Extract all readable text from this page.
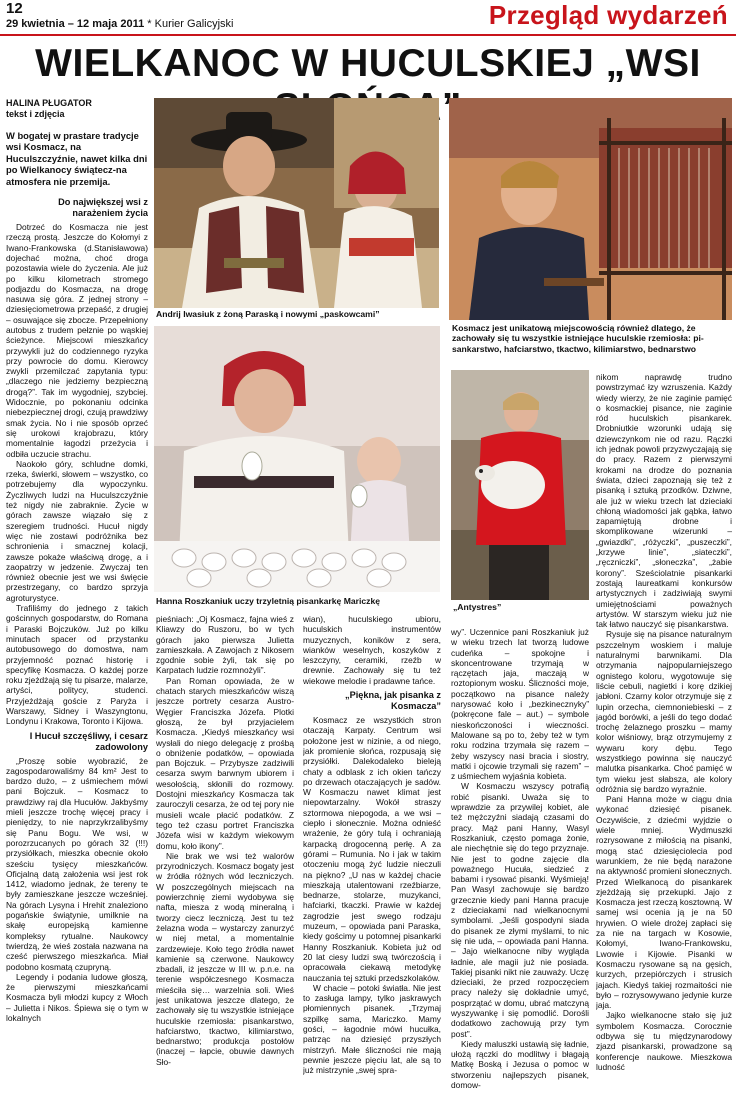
12
29 kwietnia – 12 maja 2011 * Kurier Galicyjski	Przegląd wydarzeń
WIELKANOC W HUCULSKIEJ „WSI
HALINA PŁUGATOR
tekst i zdjęcia
W bogatej w prastare tradycje wsi Kosmacz, na Huculszczyźnie, nawet kilka dni po Wielkanocy świątecz-na atmosfera nie przemija.
Do największej wsi z narażeniem życia

Dotrzeć do Kosmacza nie jest rzeczą prostą. Jeszcze do Kołomyi z Iwano-Frankowska (d.Stanisławowa) dojechać można, choć droga pozostawia wiele do życzenia. Ale już po kilku kilometrach stromego podjazdu do Kosmacza, na drogę nasuwa się góra. Z jednej strony – dziesięciometrowa przepaść, z drugiej – osuwające się zbocze. Przepełniony autobus z trudem pełznie po wąskiej ścieżynce. Miejscowi mieszkańcy przywykli już do codziennego ryzyka przy powrocie do domu. Kierowcy zwykli przemilczać zapytania typu: „dlaczego nie jedziemy bezpieczną drogą?”. Tak im wygodniej, szybciej. Widocznie, po pokonaniu odcinka niebezpiecznej drogi, czują prawdziwy smak życia. No i nie sposób oprzeć się urokowi krajobrazu, który momentalnie łagodzi przeżycia i odbiła uczucie strachu.

Naokoło góry, schludne domki, rzeka, świerki, słowem – wszystko, co potrzebujemy dla wypoczynku. Życzliwych ludzi na Huculszczyźnie też nigdy nie zabraknie. Życie w górach zawsze wiązało się z szeregiem trudności. Hucuł nigdy więc nie zostawi podróżnika bez schronienia i smacznej kolacji, zawsze pokaże właściwą drogę, a i zaopatrzy w jedzenie. Zwyczaj ten również obecnie jest we wsi święcie przestrzegany, co bardzo sprzyja agroturystyce.

Trafiliśmy do jednego z takich gościnnych gospodarstw, do Romana i Paraski Bojczuków. Już po kilku minutach spacer od przystanku autobusowego do domostwa, nam przyjemność poznać historię i specyfikę Kosmacza. O każdej porze roku zjeżdżają się tu pisarze, malarze, artyści, politycy, studenci. Przyjeżdżają goście z Paryża i Warszawy, Sidney i Waszyngtonu, Londynu i Krakowa, Toronto i Kijowa.

I Hucuł szczęśliwy, i cesarz zadowolony

„Proszę sobie wyobrazić, że zagospodarowaliśmy 84 km² Jest to bardzo dużo, – z uśmiechem mówi pani Bojczuk. – Kosmacz to prawdziwy raj dla Hucułów. Jakbyśmy mieli jeszcze trochę więcej pracy i pieniędzy, to nie naprzykrzalibyśmy się Panu Bogu. We wsi, w porozrzucanych po górach 32 (!!!) przysiółkach, mieszka obecnie około sześciu tysięcy mieszkańców. Oficjalną datą założenia wsi jest rok 1412, wiadomo jednak, że tereny te były zamieszkane jeszcze wcześniej. Na górach Lysyna i Hrehit znaleziono pogańskie świątynie, umilknie na skałę europejską kamienne kompleksy rytualne. Naukowcy twierdzą, że wieś została nazwana na cześć pierwszego mieszkańca. Miał podobno kosmatą czupryną.

Legendy i podania ludowe głoszą, że pierwszymi mieszkańcami Kosmacza byli młodzi kupcy z Włoch – Julietta i Nikos. Śpiewa się o tym w lokalnych

Andrij Iwasiuk z żoną Paraską i nowymi „paskowcami”
Kosmacz jest unikatową miejscowością również dlatego, że zachowały się tu wszystkie istniejące huculskie rzemiosła: pi-sankarstwo, hafciarstwo, tkactwo, kilimiarstwo, bednarstwo
Hanna Roszkaniuk uczy trzyletnią pisankarkę Mariczkę
„Antystres”

pieśniach: „Oj Kosmacz, fajna wieś z Kliawzy do Ruszoru, bo w tych górach jako pierwsza Julietta zamieszkała. A Zawojach z Nikosem zgodnie sobie żyli, tak się po Karpatach ludzie rozmnożyli”.

Pan Roman opowiada, że w chatach starych mieszkańców wiszą jeszcze portrety cesarza Austro-Węgier Franciszka Józefa. Plotki głoszą, że był przyjacielem Kosmacza. „Kiedyś mieszkańcy wsi wysłali do niego delegację z prośbą o obniżenie podatków, – opowiada pan Bojczuk. – Przybysze zadziwili cesarza swym barwnym ubiorem i wesołością, skłonili do rozmowy. Dostojni mieszkańcy Kosmacza tak zauroczyli cesarza, że od tej pory nie musieli wcale płacić podatków. Z tego też czasu portret Franciszka Józefa wisi w każdym wiekowym domu, koło ikony”.

Nie brak we wsi też walorów przyrodniczych. Kosmacz bogaty jest w źródła różnych wód leczniczych. W poszczególnych miejscach na powierzchnię ziemi wydobywa się nafta, miesza z wodą mineralną i tworzy ciecz leczniczą. Jest tu też żelazna woda – wystarczy zanurzyć w niej metal, a momentalnie zardzewieje. Koło tego źródła nawet kamienie są czerwone. Naukowcy zbadali, iż jeszcze w III w. p.n.e. na terenie współczesnego Kosmacza mieściła się… warzelnia soli. Wieś jest unikatowa jeszcze dlatego, że zachowały się tu wszystkie istniejące huculskie rzemiosła: pisankarstwo, hafciarstwo, tkactwo, kilimiarstwo, bednarstwo; produkcja postołów (inaczej – łapcie, obuwie dawnych Sło-

wian), huculskiego ubioru, huculskich instrumentów muzycznych, koników z sera, wianków weselnych, koszyków z leszczyny, ceramiki, rzeźb w drewnie. Zachowały się tu też wiekowe melodie i pradawne tańce.

„Piękna, jak pisanka z Kosmacza”

Kosmacz ze wszystkich stron otaczają Karpaty. Centrum wsi położone jest w nizinie, a od niego, jak promienie słońca, rozpusają się przysiółki. Dalekodaleko bieleją chaty a odblask z ich okien tańczy po drzewach otaczających je sadów. W Kosmaczu nawet klimat jest niepowtarzalny. Wokół straszy sztormowa niepogoda, a we wsi – ciepło i słonecznie. Można odnieść wrażenie, że góry tulą i ochraniają karpacką drogocenną perłę. A za górami – Rumunia. No i jak w takim otoczeniu mogą żyć ludzie nieczuli na piękno? „U nas w każdej chacie mieszkają utalentowani rzeźbiarze, bednarze, stolarze, muzykanci, hafciarki, tkaczki. Prawie w każdej zagrodzie jest swego rodzaju muzeum, – opowiada pani Paraska, kiedy gościmy u potomnej pisankarki Hanny Roszkaniuk. Kobieta już od 20 lat ciesy ludzi swą twórczością i opracowała ciekawą metodykę nauczania tej sztuki przedszkolaków.

W chacie – potoki światła. Nie jest to zasługa lampy, tylko jaskrawych płomiennych pisanek. „Trzymaj szpilkę sama, Mariczko. Mamy gości, – łagodnie mówi hucułka, patrząc na dziesięć przyszłych mistrzyń. Małe śliczności nie mają pewnie jeszcze pięciu lat, ale są to już mistrzynie „swej spra-

wy”. Uczennice pani Roszkaniuk już w wieku trzech lat tworzą ludowe cudeńka – spokojne i skoncentrowane trzymają w rączętach jaja, maczają w roztopionym wosku. Śliczności moje, początkowo na pisance należy narysować koło i „bezkinecznyky” (pokręcone fale – aut.) – symbole nieskończoności i wieczności. Malowane są po to, żeby też w tym roku rodzina trzymała się razem – żeby wszyscy nasi bracia i siostry, matki i ojcowie trzymali się razem” – z uśmiechem wyjaśnia kobieta.

W Kosmaczu wszyscy potrafią robić pisanki. Uważa się to wprawdzie za przywilej kobiet, ale też mężczyźni siadają czasami do pracy. Mąż pani Hanny, Wasyl Roszkaniuk, często pomaga żonie, ale niechętnie się do tego przyznaje. Nie jest to godne zajęcie dla poważnego Hucuła, siedzieć z babami i rysować pisanki. Wyśmieją! Pan Wasyl zachowuje się bardzo grzecznie kiedy pani Hanna pracuje z dzieciakami nad wielkanocnymi symbolami. „Jeśli gospodyni siada do pisanek ze złymi myślami, to nic się nie uda, – opowiada pani Hanna. – Jajo wielkanocne niby wygląda ładnie, ale magii już nie posiada. Takiej pisanki nikt nie zauważy. Uczę dzieciaki, że przed rozpoczęciem pracy należy się dokładnie umyć, posprzątać w domu, ubrać matczyną wyszywankę i się pomodlić. Dorośli dodatkowo zachowują przy tym post”.

Kiedy maluszki ustawią się ładnie, ułożą rączki do modlitwy i błagają Matkę Boską i Jezusa o pomoc w stworzeniu najlepszych pisanek, domow-

nikom naprawdę trudno powstrzymać łzy wzruszenia. Każdy wiedy wierzy, że nie zaginie pamięć o kosmackiej pisance, nie zaginie ród huculskich pisankarek. Drobniutkie wzorunki udają się dziewczynkom nie od razu. Rączki ich jednak powoli przyzwyczajają się do pracy. Razem z pierwszymi krokami na drodze do poznania świata, dzieci zapoznają się też z pisanką i sztuką przodków. Dziwne, ale już w wieku trzech lat dzieciaki chłoną wiadomości jak gąbka, łatwo zapamiętują drobne i skomplikowane wizerunki – „gwiazdki”, „różyczki”, „puszeczki”, „krzywe linie”, „siateczki”, „ręczniczki”, „słoneczka”, „żabie korony”. Sześciolatnie pisankarki zostają laureatkami konkursów artystycznych i zadziwiają swymi umiejętnościami poważnych artystów. W starszym wieku już nie tak łatwo nauczyć się pisankarstwa.

Rysuje się na pisance naturalnym pszczelnym woskiem i maluje naturalnymi barwnikami. Dla otrzymania najpopularniejszego ognistego koloru, wygotowuje się liście cebuli, nagietki i korę dzikiej jabłoni. Czarny kolor otrzymuje się z lupin orzecha, ciemnoniebieski – z jagód borówki, a jeśli do tego dodać trochę żelaznego proszku – mamy kolor wiśniowy, brąz otrzymujemy z wywaru kory dębu. Tego wszystkiego powinna się nauczyć malutka pisankarka. Choć pamięć w tym wieku jest słabsza, ale kolory odróżnia się bardzo wyraźnie.

Pani Hanna może w ciągu dnia wykonać dziesięć pisanek. Oczywiście, z dziećmi wyjdzie o wiele mniej. Wydmuszki rozrysowane z miłością na pisanki, mogą stać dziesięciolecia pod warunkiem, że nie będą narażone na aktywność promieni słonecznych. Przed Wielkanocą do pisankarek zjeżdżają się przekupki. Jajo z Kosmacza jest rzeczą kosztowną. W samej wsi ocenia ją je na 50 hrywien. O wiele drożej zapłaci się za nie na targach w Kosowie, Kołomyi, Iwano-Frankowsku, Lwowie i Kijowie. Pisanki w Kosmaczu rysowane są na gęsich, kurzych, przepiórczych i strusich jajach. Kiedyś takiej rozmaitości nie było – rozrysowywano jedynie kurze jaja.

Jajko wielkanocne stało się już symbolem Kosmacza. Corocznie odbywa się tu międzynarodowy zjazd pisankarski, prowadzone są konferencje naukowe. Mieszkowa ludność
